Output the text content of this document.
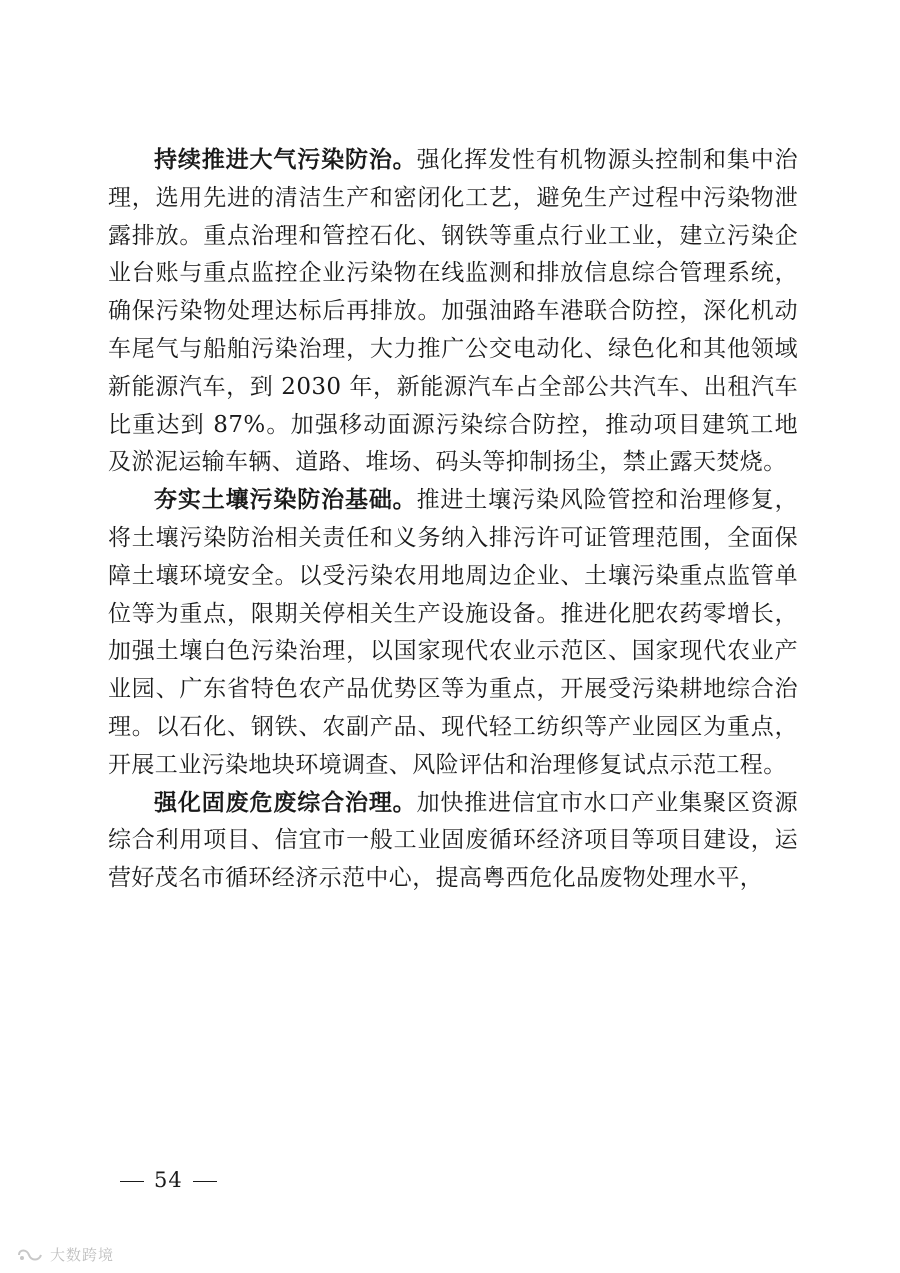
持续推进大气污染防治。强化挥发性有机物源头控制和集中治理，选用先进的清洁生产和密闭化工艺，避免生产过程中污染物泄露排放。重点治理和管控石化、钢铁等重点行业工业，建立污染企业台账与重点监控企业污染物在线监测和排放信息综合管理系统，确保污染物处理达标后再排放。加强油路车港联合防控，深化机动车尾气与船舶污染治理，大力推广公交电动化、绿色化和其他领域新能源汽车，到 2030 年，新能源汽车占全部公共汽车、出租汽车比重达到 87%。加强移动面源污染综合防控，推动项目建筑工地及淤泥运输车辆、道路、堆场、码头等抑制扬尘，禁止露天焚烧。

夯实土壤污染防治基础。推进土壤污染风险管控和治理修复，将土壤污染防治相关责任和义务纳入排污许可证管理范围，全面保障土壤环境安全。以受污染农用地周边企业、土壤污染重点监管单位等为重点，限期关停相关生产设施设备。推进化肥农药零增长，加强土壤白色污染治理，以国家现代农业示范区、国家现代农业产业园、广东省特色农产品优势区等为重点，开展受污染耕地综合治理。以石化、钢铁、农副产品、现代轻工纺织等产业园区为重点，开展工业污染地块环境调查、风险评估和治理修复试点示范工程。

强化固废危废综合治理。加快推进信宜市水口产业集聚区资源综合利用项目、信宜市一般工业固废循环经济项目等项目建设，运营好茂名市循环经济示范中心，提高粤西危化品废物处理水平，

54
大数跨境
